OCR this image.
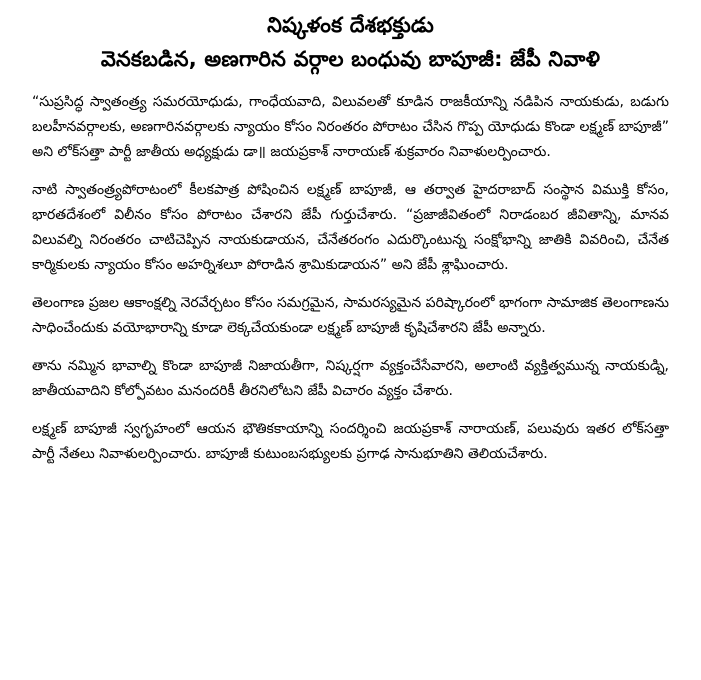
నిష్కళంక దేశభక్తుడు
వెనకబడిన, అణగారిన వర్గాల బంధువు బాపూజీ: జేపీ నివాళి

“సుప్రసిద్ధ స్వాతంత్ర్య సమరయోధుడు, గాంధేయవాది, విలువలతో కూడిన రాజకీయాన్ని నడిపిన నాయకుడు, బడుగు బలహీనవర్గాలకు, అణగారినవర్గాలకు న్యాయం కోసం నిరంతరం పోరాటం చేసిన గొప్ప యోధుడు కొండా లక్ష్మణ్ బాపూజీ” అని లోక్‌సత్తా పార్టీ జాతీయ అధ్యక్షుడు డా॥ జయప్రకాశ్ నారాయణ్ శుక్రవారం నివాళులర్పించారు.

నాటి స్వాతంత్ర్యపోరాటంలో కీలకపాత్ర పోషించిన లక్ష్మణ్ బాపూజీ, ఆ తర్వాత హైదరాబాద్ సంస్థాన విముక్తి కోసం, భారతదేశంలో విలీనం కోసం పోరాటం చేశారని జేపీ గుర్తుచేశారు. “ప్రజాజీవితంలో నిరాడంబర జీవితాన్ని, మానవ విలువల్ని నిరంతరం చాటిచెప్పిన నాయకుడాయన, చేనేతరంగం ఎదుర్కొంటున్న సంక్షోభాన్ని జాతికి వివరించి, చేనేత కార్మికులకు న్యాయం కోసం అహర్నిశలూ పోరాడిన శ్రామికుడాయన” అని జేపీ శ్లాఘించారు.

తెలంగాణ ప్రజల ఆకాంక్షల్ని నెరవేర్చటం కోసం సమగ్రమైన, సామరస్యమైన పరిష్కారంలో భాగంగా సామాజిక తెలంగాణను సాధించేందుకు వయోభారాన్ని కూడా లెక్కచేయకుండా లక్ష్మణ్ బాపూజీ కృషిచేశారని జేపీ అన్నారు.

తాను నమ్మిన భావాల్ని కొండా బాపూజీ నిజాయతీగా, నిష్కర్షగా వ్యక్తంచేసేవారని, అలాంటి వ్యక్తిత్వమున్న నాయకుడ్ని, జాతీయవాదిని కోల్పోవటం మనందరికీ తీరనిలోటని జేపీ విచారం వ్యక్తం చేశారు.

లక్ష్మణ్ బాపూజీ స్వగృహంలో ఆయన భౌతికకాయాన్ని సందర్శించి జయప్రకాశ్ నారాయణ్, పలువురు ఇతర లోక్‌సత్తా పార్టీ నేతలు నివాళులర్పించారు. బాపూజీ కుటుంబసభ్యులకు ప్రగాఢ సానుభూతిని తెలియచేశారు.
